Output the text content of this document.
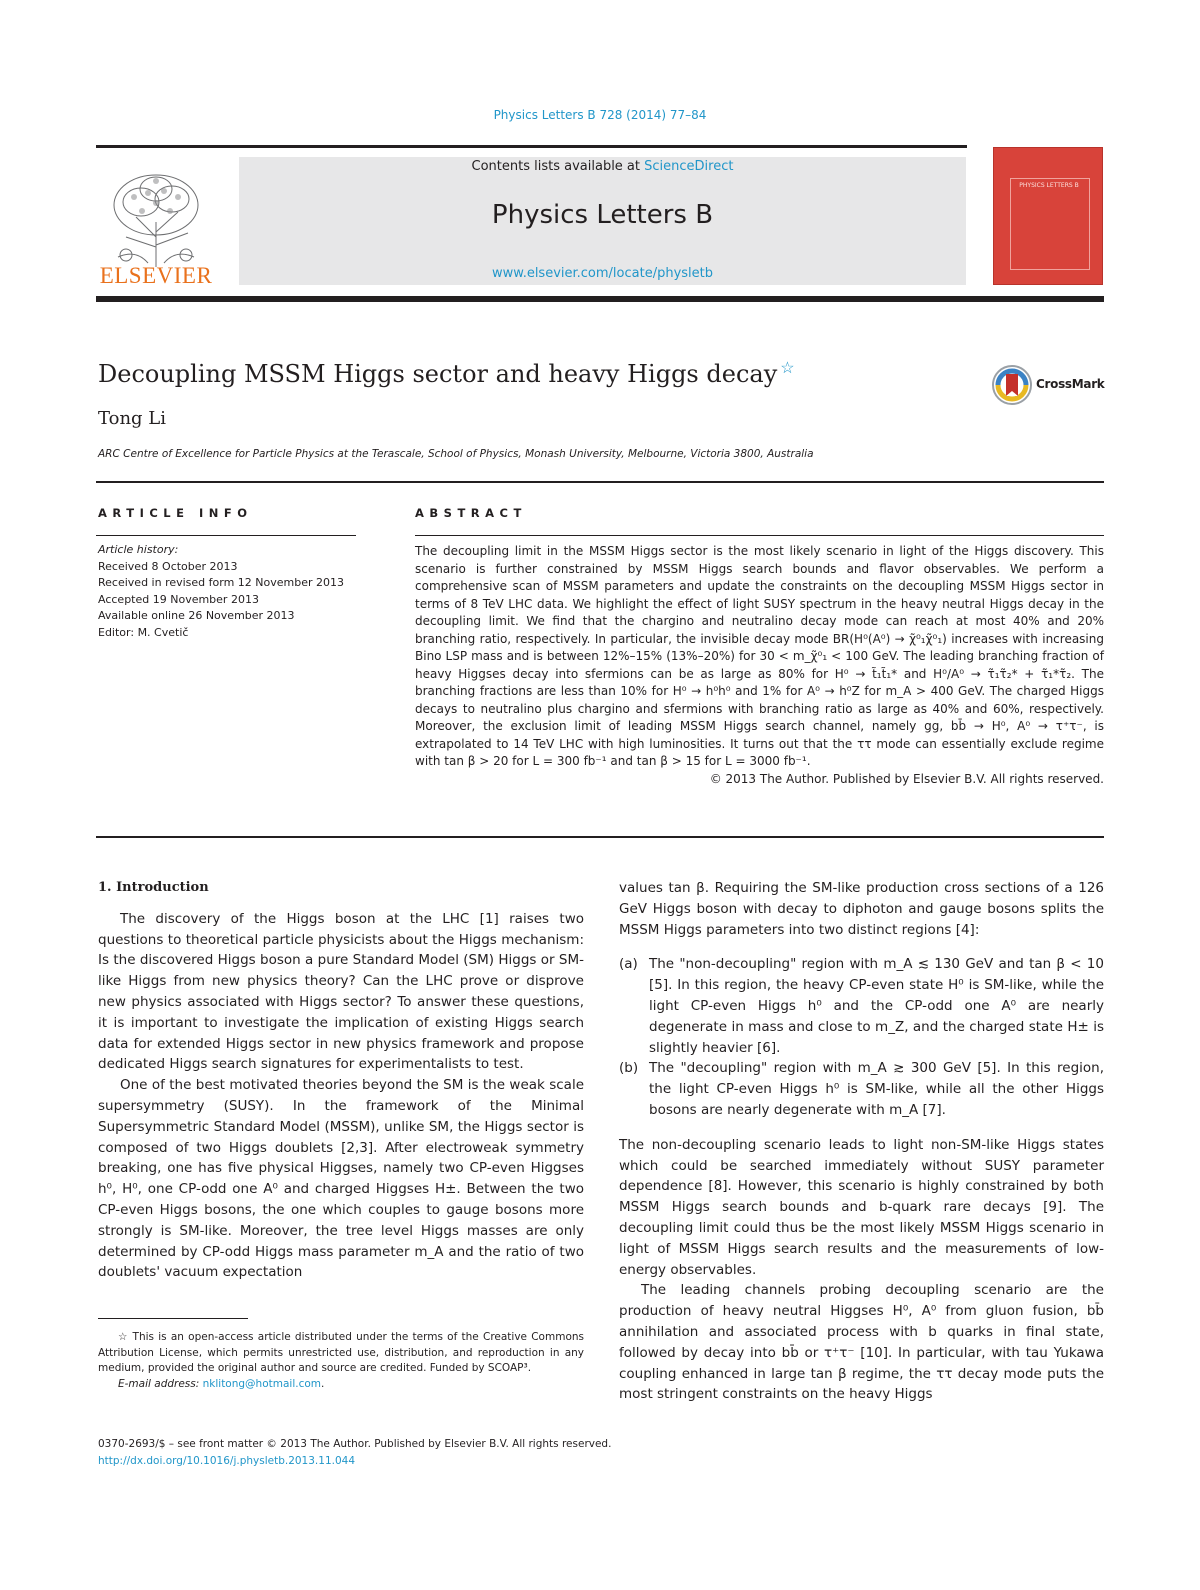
Physics Letters B 728 (2014) 77–84
ELSEVIER
Contents lists available at ScienceDirect
Physics Letters B
www.elsevier.com/locate/physletb
PHYSICS LETTERS B
Decoupling MSSM Higgs sector and heavy Higgs decay ☆
Tong Li
ARC Centre of Excellence for Particle Physics at the Terascale, School of Physics, Monash University, Melbourne, Victoria 3800, Australia
CrossMark
ARTICLE INFO
Article history:
Received 8 October 2013
Received in revised form 12 November 2013
Accepted 19 November 2013
Available online 26 November 2013
Editor: M. Cvetič
ABSTRACT
The decoupling limit in the MSSM Higgs sector is the most likely scenario in light of the Higgs discovery. This scenario is further constrained by MSSM Higgs search bounds and flavor observables. We perform a comprehensive scan of MSSM parameters and update the constraints on the decoupling MSSM Higgs sector in terms of 8 TeV LHC data. We highlight the effect of light SUSY spectrum in the heavy neutral Higgs decay in the decoupling limit. We find that the chargino and neutralino decay mode can reach at most 40% and 20% branching ratio, respectively. In particular, the invisible decay mode BR(H⁰(A⁰) → χ̃⁰₁χ̃⁰₁) increases with increasing Bino LSP mass and is between 12%–15% (13%–20%) for 30 < m_χ̃⁰₁ < 100 GeV. The leading branching fraction of heavy Higgses decay into sfermions can be as large as 80% for H⁰ → t̃₁t̃₁* and H⁰/A⁰ → τ̃₁τ̃₂* + τ̃₁*τ̃₂. The branching fractions are less than 10% for H⁰ → h⁰h⁰ and 1% for A⁰ → h⁰Z for m_A > 400 GeV. The charged Higgs decays to neutralino plus chargino and sfermions with branching ratio as large as 40% and 60%, respectively. Moreover, the exclusion limit of leading MSSM Higgs search channel, namely gg, bb̄ → H⁰, A⁰ → τ⁺τ⁻, is extrapolated to 14 TeV LHC with high luminosities. It turns out that the ττ mode can essentially exclude regime with tan β > 20 for L = 300 fb⁻¹ and tan β > 15 for L = 3000 fb⁻¹.
© 2013 The Author. Published by Elsevier B.V. All rights reserved.

1. Introduction

The discovery of the Higgs boson at the LHC [1] raises two questions to theoretical particle physicists about the Higgs mechanism: Is the discovered Higgs boson a pure Standard Model (SM) Higgs or SM-like Higgs from new physics theory? Can the LHC prove or disprove new physics associated with Higgs sector? To answer these questions, it is important to investigate the implication of existing Higgs search data for extended Higgs sector in new physics framework and propose dedicated Higgs search signatures for experimentalists to test.

One of the best motivated theories beyond the SM is the weak scale supersymmetry (SUSY). In the framework of the Minimal Supersymmetric Standard Model (MSSM), unlike SM, the Higgs sector is composed of two Higgs doublets [2,3]. After electroweak symmetry breaking, one has five physical Higgses, namely two CP-even Higgses h⁰, H⁰, one CP-odd one A⁰ and charged Higgses H±. Between the two CP-even Higgs bosons, the one which couples to gauge bosons more strongly is SM-like. Moreover, the tree level Higgs masses are only determined by CP-odd Higgs mass parameter m_A and the ratio of two doublets' vacuum expectation

☆ This is an open-access article distributed under the terms of the Creative Commons Attribution License, which permits unrestricted use, distribution, and reproduction in any medium, provided the original author and source are credited. Funded by SCOAP³.
E-mail address: nklitong@hotmail.com.

values tan β. Requiring the SM-like production cross sections of a 126 GeV Higgs boson with decay to diphoton and gauge bosons splits the MSSM Higgs parameters into two distinct regions [4]:

(a) The "non-decoupling" region with m_A ≲ 130 GeV and tan β < 10 [5]. In this region, the heavy CP-even state H⁰ is SM-like, while the light CP-even Higgs h⁰ and the CP-odd one A⁰ are nearly degenerate in mass and close to m_Z, and the charged state H± is slightly heavier [6].
(b) The "decoupling" region with m_A ≳ 300 GeV [5]. In this region, the light CP-even Higgs h⁰ is SM-like, while all the other Higgs bosons are nearly degenerate with m_A [7].

The non-decoupling scenario leads to light non-SM-like Higgs states which could be searched immediately without SUSY parameter dependence [8]. However, this scenario is highly constrained by both MSSM Higgs search bounds and b-quark rare decays [9]. The decoupling limit could thus be the most likely MSSM Higgs scenario in light of MSSM Higgs search results and the measurements of low-energy observables.

The leading channels probing decoupling scenario are the production of heavy neutral Higgses H⁰, A⁰ from gluon fusion, bb̄ annihilation and associated process with b quarks in final state, followed by decay into bb̄ or τ⁺τ⁻ [10]. In particular, with tau Yukawa coupling enhanced in large tan β regime, the ττ decay mode puts the most stringent constraints on the heavy Higgs

0370-2693/$ – see front matter © 2013 The Author. Published by Elsevier B.V. All rights reserved.
http://dx.doi.org/10.1016/j.physletb.2013.11.044
